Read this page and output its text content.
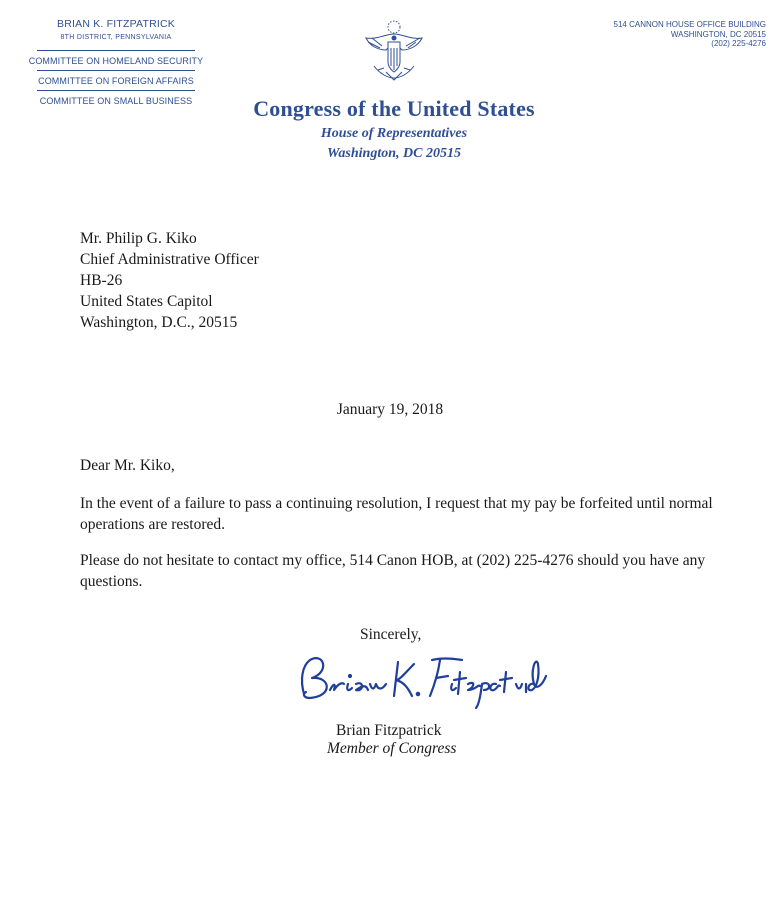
BRIAN K. FITZPATRICK
8TH DISTRICT, PENNSYLVANIA
COMMITTEE ON HOMELAND SECURITY
COMMITTEE ON FOREIGN AFFAIRS
COMMITTEE ON SMALL BUSINESS
514 CANNON HOUSE OFFICE BUILDING
WASHINGTON, DC 20515
(202) 225-4276
Congress of the United States
House of Representatives
Washington, DC 20515
Mr. Philip G. Kiko
Chief Administrative Officer
HB-26
United States Capitol
Washington, D.C., 20515
January 19, 2018
Dear Mr. Kiko,
In the event of a failure to pass a continuing resolution, I request that my pay be forfeited until normal operations are restored.
Please do not hesitate to contact my office, 514 Canon HOB, at (202) 225-4276 should you have any questions.
Sincerely,
Brian Fitzpatrick
Member of Congress
